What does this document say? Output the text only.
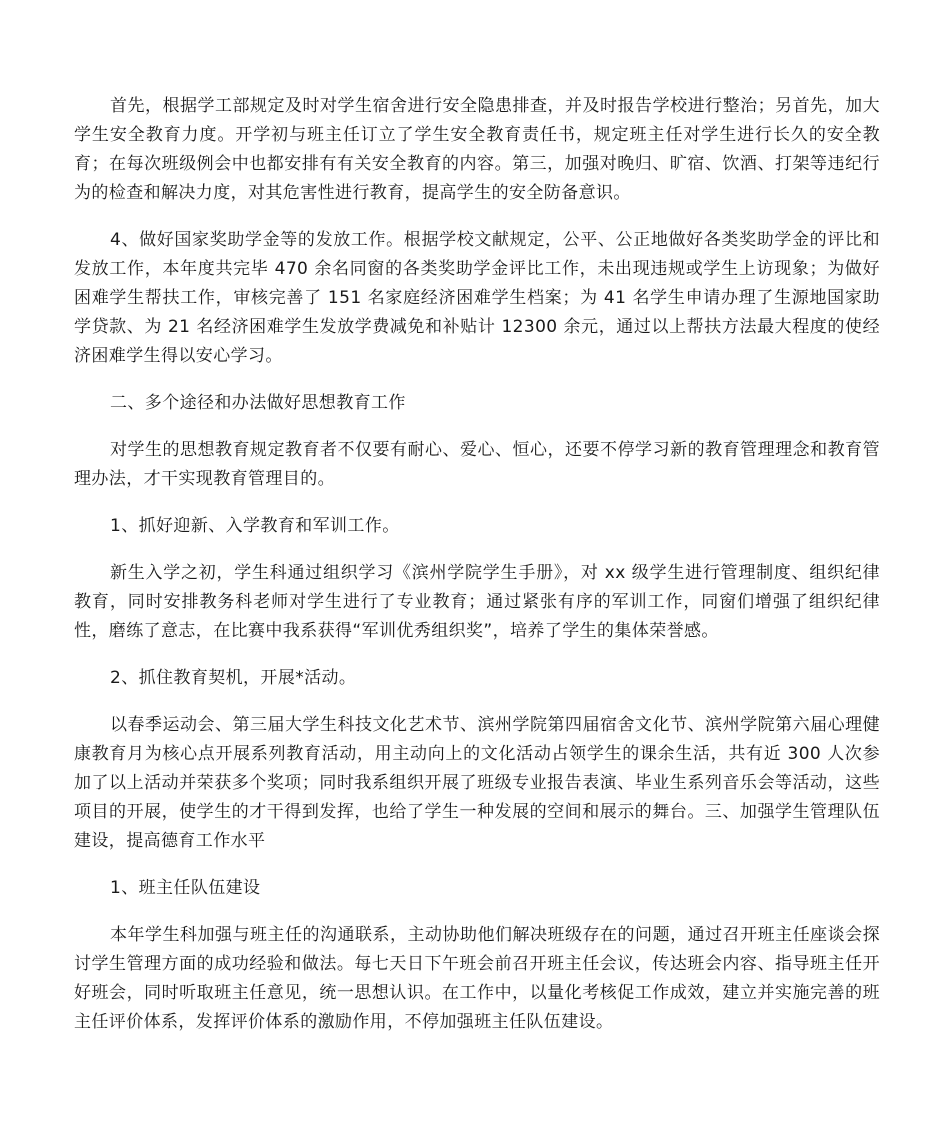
首先，根据学工部规定及时对学生宿舍进行安全隐患排查，并及时报告学校进行整治；另首先，加大学生安全教育力度。开学初与班主任订立了学生安全教育责任书，规定班主任对学生进行长久的安全教育；在每次班级例会中也都安排有有关安全教育的内容。第三，加强对晚归、旷宿、饮酒、打架等违纪行为的检查和解决力度，对其危害性进行教育，提高学生的安全防备意识。

4、做好国家奖助学金等的发放工作。根据学校文献规定，公平、公正地做好各类奖助学金的评比和发放工作，本年度共完毕 470 余名同窗的各类奖助学金评比工作，未出现违规或学生上访现象；为做好困难学生帮扶工作，审核完善了 151 名家庭经济困难学生档案；为 41 名学生申请办理了生源地国家助学贷款、为 21 名经济困难学生发放学费减免和补贴计 12300 余元，通过以上帮扶方法最大程度的使经济困难学生得以安心学习。

二、多个途径和办法做好思想教育工作

对学生的思想教育规定教育者不仅要有耐心、爱心、恒心，还要不停学习新的教育管理理念和教育管理办法，才干实现教育管理目的。

1、抓好迎新、入学教育和军训工作。

新生入学之初，学生科通过组织学习《滨州学院学生手册》，对 xx 级学生进行管理制度、组织纪律教育，同时安排教务科老师对学生进行了专业教育；通过紧张有序的军训工作，同窗们增强了组织纪律性，磨练了意志，在比赛中我系获得“军训优秀组织奖”，培养了学生的集体荣誉感。

2、抓住教育契机，开展*活动。

以春季运动会、第三届大学生科技文化艺术节、滨州学院第四届宿舍文化节、滨州学院第六届心理健康教育月为核心点开展系列教育活动，用主动向上的文化活动占领学生的课余生活，共有近 300 人次参加了以上活动并荣获多个奖项；同时我系组织开展了班级专业报告表演、毕业生系列音乐会等活动，这些项目的开展，使学生的才干得到发挥，也给了学生一种发展的空间和展示的舞台。三、加强学生管理队伍建设，提高德育工作水平

1、班主任队伍建设

本年学生科加强与班主任的沟通联系，主动协助他们解决班级存在的问题，通过召开班主任座谈会探讨学生管理方面的成功经验和做法。每七天日下午班会前召开班主任会议，传达班会内容、指导班主任开好班会，同时听取班主任意见，统一思想认识。在工作中，以量化考核促工作成效，建立并实施完善的班主任评价体系，发挥评价体系的激励作用，不停加强班主任队伍建设。
